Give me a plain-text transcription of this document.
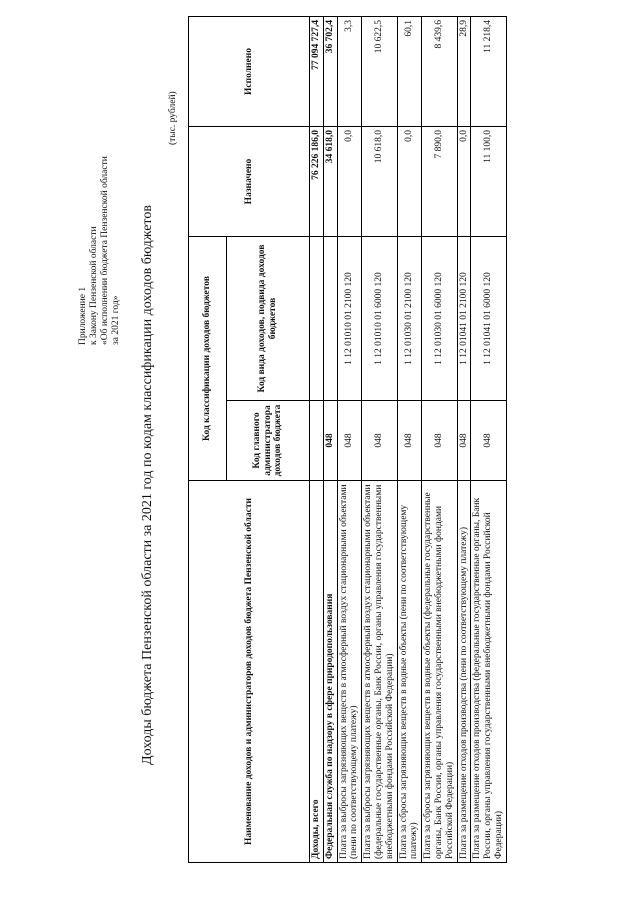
Приложение 1 к Закону Пензенской области «Об исполнении бюджета Пензенской области за 2021 год» Доходы бюджета Пензенской области за 2021 год по кодам классификации доходов бюджетов
(тыс. рублей)
Наименование доходов и администраторов доходов бюджета Пензенской области	Код классификации доходов бюджетов		Назначено	Исполнено
	Код главного администратора доходов бюджета	Код вида доходов, подвида доходов бюджетов		
Доходы, всего			76 226 186,0	77 094 727,4
Федеральная служба по надзору в сфере природопользования	048		34 618,0	36 702,4
Плата за выбросы загрязняющих веществ в атмосферный воздух стационарными объектами (пени по соответствующему платежу)	048	1 12 01010 01 2100 120	0,0	3,3
Плата за выбросы загрязняющих веществ в атмосферный воздух стационарными объектами (федеральные государственные органы, Банк России, органы управления государственными внебюджетными фондами Российской Федерации)	048	1 12 01010 01 6000 120	10 618,0	10 622,5
Плата за сбросы загрязняющих веществ в водные объекты (пени по соответствующему платежу)	048	1 12 01030 01 2100 120	0,0	60,1
Плата за сбросы загрязняющих веществ в водные объекты (федеральные государственные органы, Банк России, органы управления государственными внебюджетными фондами Российской Федерации)	048	1 12 01030 01 6000 120	7 890,0	8 439,6
Плата за размещение отходов производства (пени по соответствующему платежу)	048	1 12 01041 01 2100 120	0,0	28,9
Плата за размещение отходов производства (федеральные государственные органы, Банк России, органы управления государственными внебюджетными фондами Российской Федерации)	048	1 12 01041 01 6000 120	11 100,0	11 218,4
